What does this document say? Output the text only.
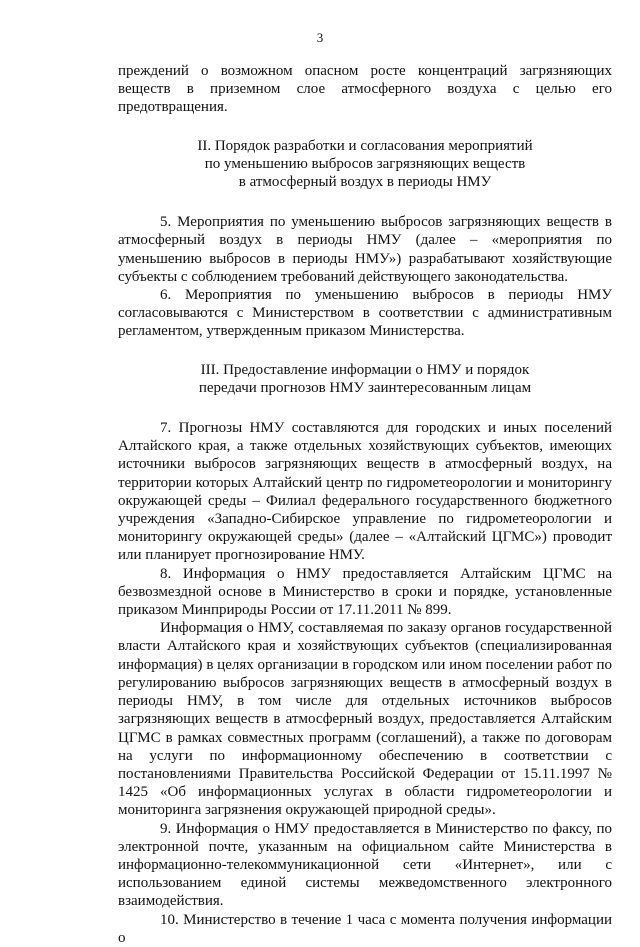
3

преждений о возможном опасном росте концентраций загрязняющих веществ в приземном слое атмосферного воздуха с целью его предотвращения.

II. Порядок разработки и согласования мероприятий
по уменьшению выбросов загрязняющих веществ
в атмосферный воздух в периоды НМУ

5. Мероприятия по уменьшению выбросов загрязняющих веществ в атмосферный воздух в периоды НМУ (далее – «мероприятия по уменьшению выбросов в периоды НМУ») разрабатывают хозяйствующие субъекты с соблюдением требований действующего законодательства.

6. Мероприятия по уменьшению выбросов в периоды НМУ согласовываются с Министерством в соответствии с административным регламентом, утвержденным приказом Министерства.

III. Предоставление информации о НМУ и порядок
передачи прогнозов НМУ заинтересованным лицам

7. Прогнозы НМУ составляются для городских и иных поселений Алтайского края, а также отдельных хозяйствующих субъектов, имеющих источники выбросов загрязняющих веществ в атмосферный воздух, на территории которых Алтайский центр по гидрометеорологии и мониторингу окружающей среды – Филиал федерального государственного бюджетного учреждения «Западно-Сибирское управление по гидрометеорологии и мониторингу окружающей среды» (далее – «Алтайский ЦГМС») проводит или планирует прогнозирование НМУ.

8. Информация о НМУ предоставляется Алтайским ЦГМС на безвозмездной основе в Министерство в сроки и порядке, установленные приказом Минприроды России от 17.11.2011 № 899.

Информация о НМУ, составляемая по заказу органов государственной власти Алтайского края и хозяйствующих субъектов (специализированная информация) в целях организации в городском или ином поселении работ по регулированию выбросов загрязняющих веществ в атмосферный воздух в периоды НМУ, в том числе для отдельных источников выбросов загрязняющих веществ в атмосферный воздух, предоставляется Алтайским ЦГМС в рамках совместных программ (соглашений), а также по договорам на услуги по информационному обеспечению в соответствии с постановлениями Правительства Российской Федерации от 15.11.1997 № 1425 «Об информационных услугах в области гидрометеорологии и мониторинга загрязнения окружающей природной среды».

9. Информация о НМУ предоставляется в Министерство по факсу, по электронной почте, указанным на официальном сайте Министерства в информационно-телекоммуникационной сети «Интернет», или с использованием единой системы межведомственного электронного взаимодействия.

10. Министерство в течение 1 часа с момента получения информации о
